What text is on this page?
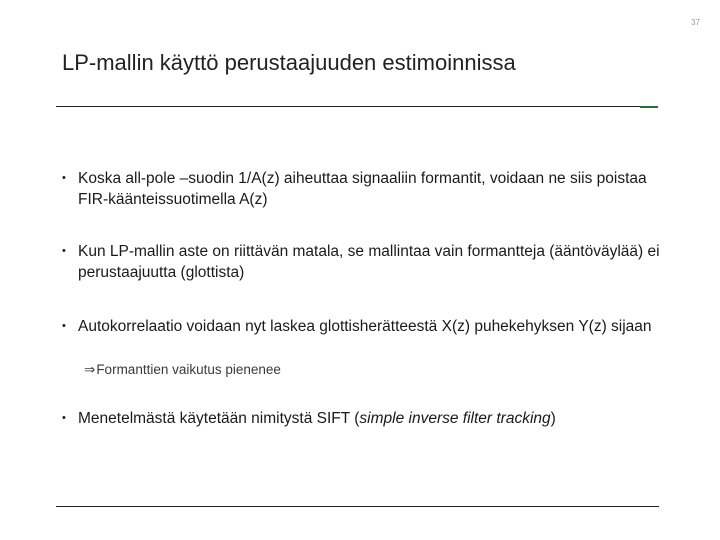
37
LP-mallin käyttö perustaajuuden estimoinnissa
• Koska all-pole –suodin 1/A(z) aiheuttaa signaaliin formantit, voidaan ne siis poistaa FIR-käänteissuotimella A(z)
• Kun LP-mallin aste on riittävän matala, se mallintaa vain formantteja (ääntöväylää) ei perustaajuutta (glottista)
• Autokorrelaatio voidaan nyt laskea glottisherätteestä X(z) puhekehyksen Y(z) sijaan
⇒Formanttien vaikutus pienenee
• Menetelmästä käytetään nimitystä SIFT (simple inverse filter tracking)
